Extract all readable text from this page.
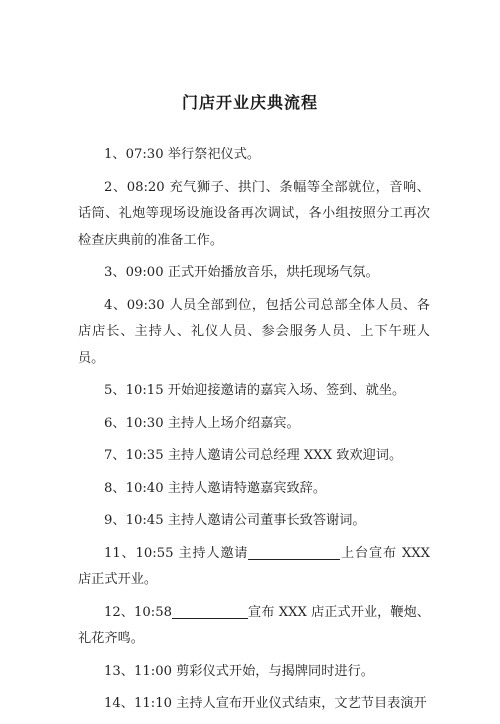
门店开业庆典流程

1、07:30 举行祭祀仪式。

2、08:20 充气狮子、拱门、条幅等全部就位，音响、话筒、礼炮等现场设施设备再次调试，各小组按照分工再次检查庆典前的准备工作。

3、09:00 正式开始播放音乐，烘托现场气氛。

4、09:30 人员全部到位，包括公司总部全体人员、各店店长、主持人、礼仪人员、参会服务人员、上下午班人员。

5、10:15 开始迎接邀请的嘉宾入场、签到、就坐。

6、10:30 主持人上场介绍嘉宾。

7、10:35 主持人邀请公司总经理 XXX 致欢迎词。

8、10:40 主持人邀请特邀嘉宾致辞。

9、10:45 主持人邀请公司董事长致答谢词。

11、10:55 主持人邀请	上台宣布 XXX 店正式开业。

12、10:58	宣布 XXX 店正式开业，鞭炮、礼花齐鸣。

13、11:00 剪彩仪式开始，与揭牌同时进行。

14、11:10 主持人宣布开业仪式结束，文艺节目表演开
